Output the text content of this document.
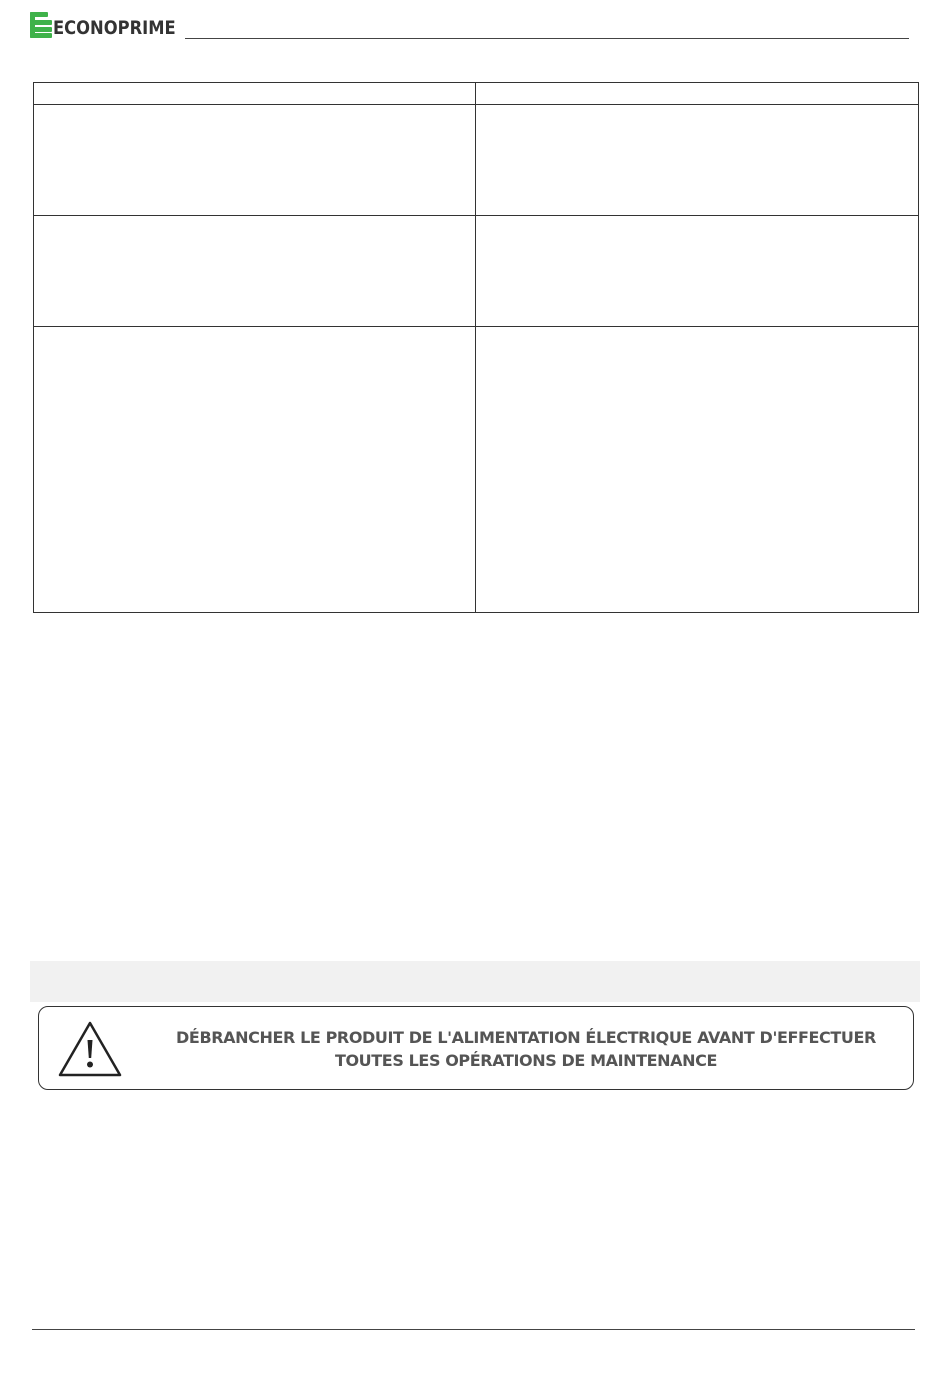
ECONOPRIME

DÉBRANCHER LE PRODUIT DE L'ALIMENTATION ÉLECTRIQUE AVANT D'EFFECTUER
TOUTES LES OPÉRATIONS DE MAINTENANCE
